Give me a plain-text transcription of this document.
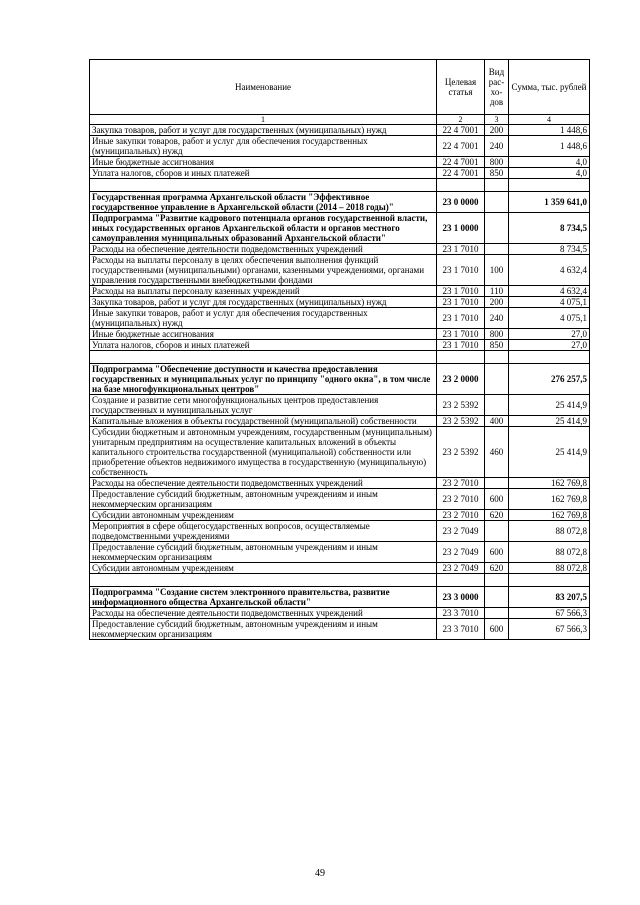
Наименование	Целевая статья	Вид рас-хо-дов	Сумма, тыс. рублей
1	2	3	4
Закупка товаров, работ и услуг для государственных (муниципальных) нужд	22 4 7001	200	1 448,6
Иные закупки товаров, работ и услуг для обеспечения государственных (муниципальных) нужд	22 4 7001	240	1 448,6
Иные бюджетные ассигнования	22 4 7001	800	4,0
Уплата налогов, сборов и иных платежей	22 4 7001	850	4,0

Государственная программа Архангельской области "Эффективное государственное управление в Архангельской области (2014 – 2018 годы)"	23 0 0000		1 359 641,0
Подпрограмма "Развитие кадрового потенциала органов государственной власти, иных государственных органов Архангельской области и органов местного самоуправления муниципальных образований Архангельской области"	23 1 0000		8 734,5
Расходы на обеспечение деятельности подведомственных учреждений	23 1 7010		8 734,5
Расходы на выплаты персоналу в целях обеспечения выполнения функций государственными (муниципальными) органами, казенными учреждениями, органами управления государственными внебюджетными фондами	23 1 7010	100	4 632,4
Расходы на выплаты персоналу казенных учреждений	23 1 7010	110	4 632,4
Закупка товаров, работ и услуг для государственных (муниципальных) нужд	23 1 7010	200	4 075,1
Иные закупки товаров, работ и услуг для обеспечения государственных (муниципальных) нужд	23 1 7010	240	4 075,1
Иные бюджетные ассигнования	23 1 7010	800	27,0
Уплата налогов, сборов и иных платежей	23 1 7010	850	27,0

Подпрограмма "Обеспечение доступности и качества предоставления государственных и муниципальных услуг по принципу "одного окна", в том числе на базе многофункциональных центров"	23 2 0000		276 257,5
Создание и развитие сети многофункциональных центров предоставления государственных и муниципальных услуг	23 2 5392		25 414,9
Капитальные вложения в объекты государственной (муниципальной) собственности	23 2 5392	400	25 414,9
Субсидии бюджетным и автономным учреждениям, государственным (муниципальным) унитарным предприятиям на осуществление капитальных вложений в объекты капитального строительства государственной (муниципальной) собственности или приобретение объектов недвижимого имущества в государственную (муниципальную) собственность	23 2 5392	460	25 414,9
Расходы на обеспечение деятельности подведомственных учреждений	23 2 7010		162 769,8
Предоставление субсидий бюджетным, автономным учреждениям и иным некоммерческим организациям	23 2 7010	600	162 769,8
Субсидии автономным учреждениям	23 2 7010	620	162 769,8
Мероприятия в сфере общегосударственных вопросов, осуществляемые подведомственными учреждениями	23 2 7049		88 072,8
Предоставление субсидий бюджетным, автономным учреждениям и иным некоммерческим организациям	23 2 7049	600	88 072,8
Субсидии автономным учреждениям	23 2 7049	620	88 072,8

Подпрограмма "Создание систем электронного правительства, развитие информационного общества Архангельской области"	23 3 0000		83 207,5
Расходы на обеспечение деятельности подведомственных учреждений	23 3 7010		67 566,3
Предоставление субсидий бюджетным, автономным учреждениям и иным некоммерческим организациям	23 3 7010	600	67 566,3
49
